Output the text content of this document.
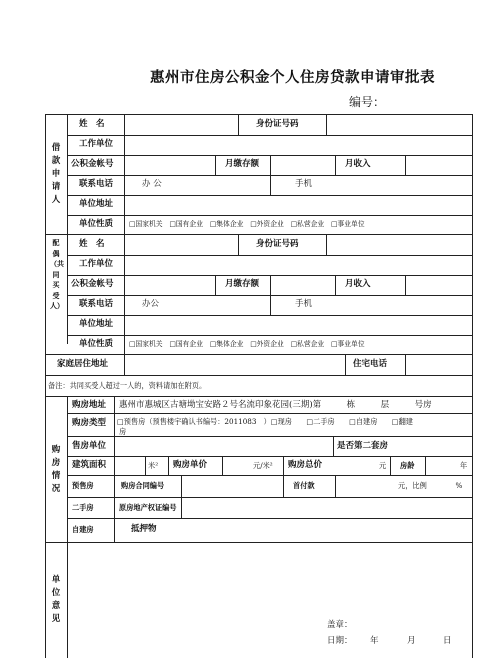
惠州市住房公积金个人住房贷款申请审批表
编号：
借款申请人
姓　名	身份证号码
工作单位
公积金帐号	月缴存额	月收入
联系电话	办 公	手机
单位地址
单位性质 □国家机关　□国有企业　□集体企业　□外资企业　□私营企业　□事业单位
配偶（共同买受人）
姓　名	身份证号码
工作单位
公积金帐号	月缴存额	月收入
联系电话	办公	手机
单位地址
单位性质 □国家机关　□国有企业　□集体企业　□外资企业　□私营企业　□事业单位
家庭居住地址	住宅电话
备注：共同买受人超过一人的，资料请加在附页。
购房情况
购房地址 惠州市惠城区古塘坳宝安路２号名流印象花园(三期)第　　　栋　　　层　　　号房
购房类型 □预售房（预售楼宇确认书编号：2011083　）□现房　　□二手房　　□自建房　　□翻建
房
售房单位	是否第二套房
建筑面积	米² 购房单价	元/米² 购房总价	元 房龄	年
预售房	购房合同编号	首付款	元，比例　　　　%
二手房	原房地产权证编号
自建房	抵押物
单位意见
盖章：
日期： 年	月	日
